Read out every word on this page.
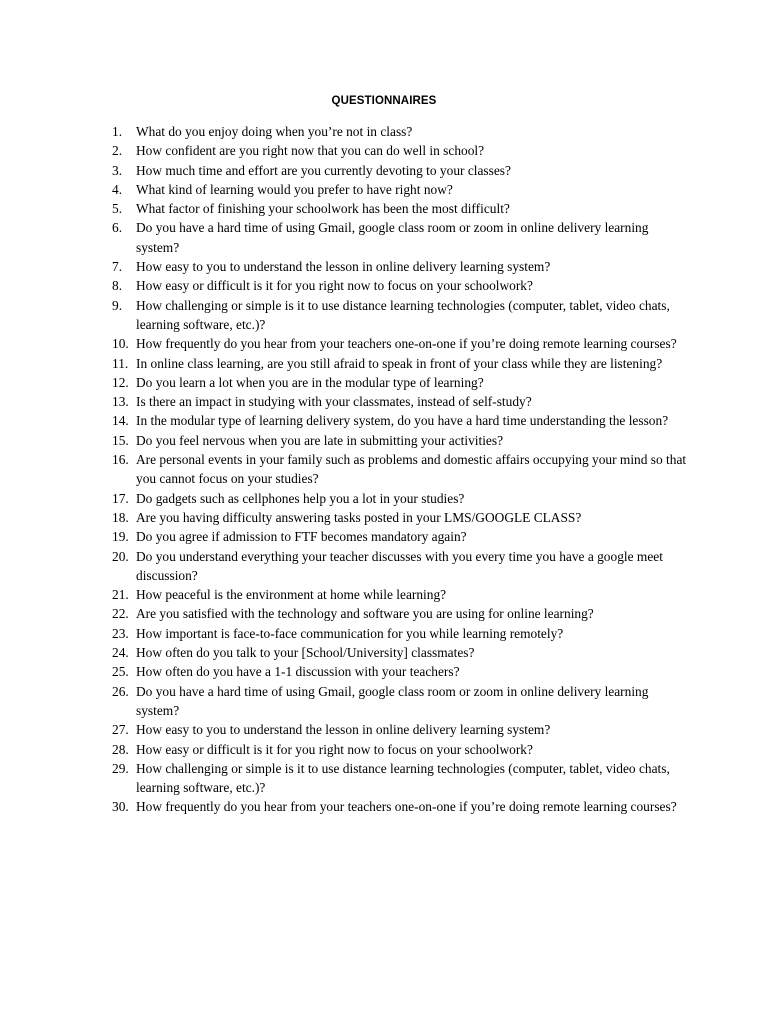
QUESTIONNAIRES
1.	What do you enjoy doing when you’re not in class?
2.	How confident are you right now that you can do well in school?
3.	How much time and effort are you currently devoting to your classes?
4.	What kind of learning would you prefer to have right now?
5.	What factor of finishing your schoolwork has been the most difficult?
6.	Do you have a hard time of using Gmail, google class room or zoom in online delivery learning system?
7.	How easy to you to understand the lesson in online delivery learning system?
8.	How easy or difficult is it for you right now to focus on your schoolwork?
9.	How challenging or simple is it to use distance learning technologies (computer, tablet, video chats, learning software, etc.)?
10. How frequently do you hear from your teachers one-on-one if you’re doing remote learning courses?
11. In online class learning, are you still afraid to speak in front of your class while they are listening?
12. Do you learn a lot when you are in the modular type of learning?
13. Is there an impact in studying with your classmates, instead of self-study?
14. In the modular type of learning delivery system, do you have a hard time understanding the lesson?
15. Do you feel nervous when you are late in submitting your activities?
16. Are personal events in your family such as problems and domestic affairs occupying your mind so that you cannot focus on your studies?
17. Do gadgets such as cellphones help you a lot in your studies?
18. Are you having difficulty answering tasks posted in your LMS/GOOGLE CLASS?
19. Do you agree if admission to FTF becomes mandatory again?
20. Do you understand everything your teacher discusses with you every time you have a google meet discussion?
21. How peaceful is the environment at home while learning?
22. Are you satisfied with the technology and software you are using for online learning?
23. How important is face-to-face communication for you while learning remotely?
24. How often do you talk to your [School/University] classmates?
25. How often do you have a 1-1 discussion with your teachers?
26. Do you have a hard time of using Gmail, google class room or zoom in online delivery learning system?
27. How easy to you to understand the lesson in online delivery learning system?
28. How easy or difficult is it for you right now to focus on your schoolwork?
29. How challenging or simple is it to use distance learning technologies (computer, tablet, video chats, learning software, etc.)?
30. How frequently do you hear from your teachers one-on-one if you’re doing remote learning courses?
